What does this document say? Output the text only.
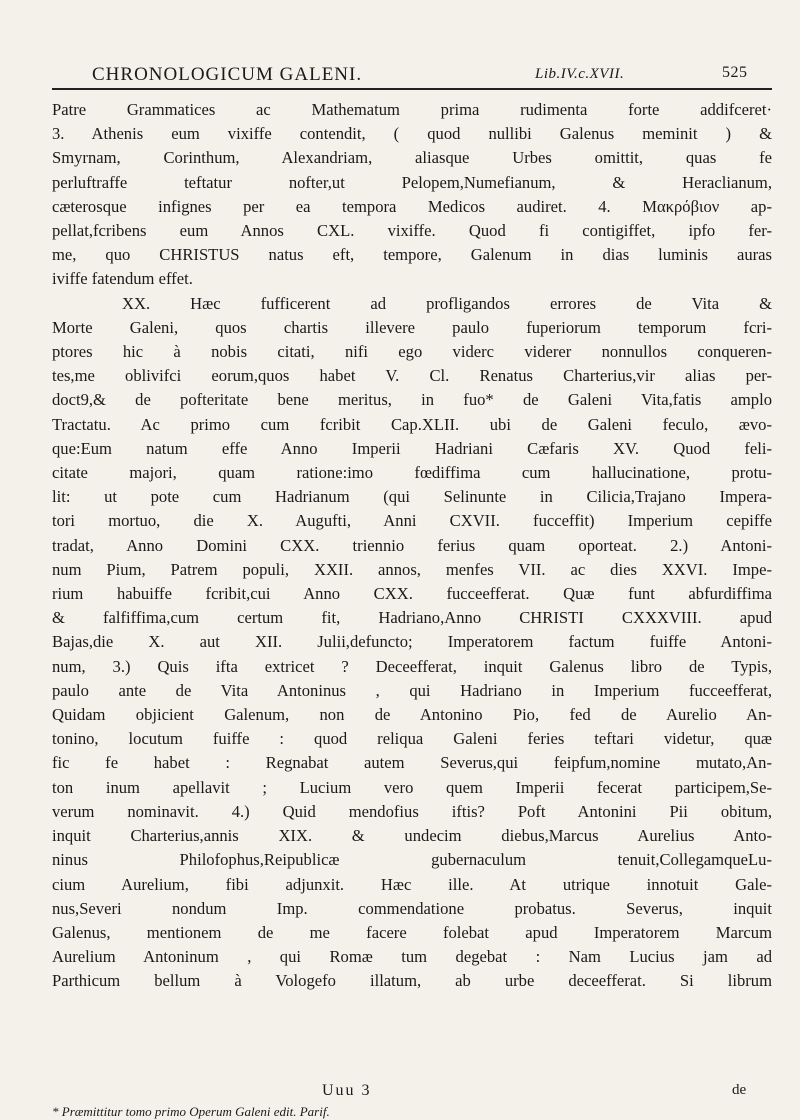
CHRONOLOGICUM GALENI.	Lib.IV.c.XVII.	525
Patre Grammatices ac Mathematum prima rudimenta forte addifceret·
3. Athenis eum vixiffe contendit, ( quod nullibi Galenus meminit ) &
Smyrnam, Corinthum, Alexandriam, aliasque Urbes omittit, quas fe
perluftraffe teftatur nofter,ut Pelopem,Numefianum, & Heraclianum,
cæterosque infignes per ea tempora Medicos audiret. 4. Μακρόβιον ap-
pellat,fcribens eum Annos CXL. vixiffe. Quod fi contigiffet, ipfo fer-
me, quo CHRISTUS natus eft, tempore, Galenum in dias luminis auras
iviffe fatendum effet.
XX. Hæc fufficerent ad profligandos errores de Vita &
Morte Galeni, quos chartis illevere paulo fuperiorum temporum fcri-
ptores hic à nobis citati, nifi ego viderc viderer nonnullos conqueren-
tes,me oblivifci eorum,quos habet V. Cl. Renatus Charterius,vir alias per-
doct9,& de pofteritate bene meritus, in fuo* de Galeni Vita,fatis amplo
Tractatu. Ac primo cum fcribit Cap.XLII. ubi de Galeni feculo, ævo-
que:Eum natum effe Anno Imperii Hadriani Cæfaris XV. Quod feli-
citate majori, quam ratione:imo fœdiffima cum hallucinatione, protu-
lit: ut pote cum Hadrianum (qui Selinunte in Cilicia,Trajano Impera-
tori mortuo, die X. Augufti, Anni CXVII. fucceffit) Imperium cepiffe
tradat, Anno Domini CXX. triennio ferius quam oporteat. 2.) Antoni-
num Pium, Patrem populi, XXII. annos, menfes VII. ac dies XXVI. Impe-
rium habuiffe fcribit,cui Anno CXX. fucceefferat. Quæ funt abfurdiffima
& falfiffima,cum certum fit, Hadriano,Anno CHRISTI CXXXVIII. apud
Bajas,die X. aut XII. Julii,defuncto; Imperatorem factum fuiffe Antoni-
num, 3.) Quis ifta extricet ? Deceefferat, inquit Galenus libro de Typis,
paulo ante de Vita Antoninus , qui Hadriano in Imperium fucceefferat,
Quidam objicient Galenum, non de Antonino Pio, fed de Aurelio An-
tonino, locutum fuiffe : quod reliqua Galeni feries teftari videtur, quæ
fic fe habet : Regnabat autem Severus,qui feipfum,nomine mutato,An-
ton inum apellavit ; Lucium vero quem Imperii fecerat participem,Se-
verum nominavit. 4.) Quid mendofius iftis? Poft Antonini Pii obitum,
inquit Charterius,annis XIX. & undecim diebus,Marcus Aurelius Anto-
ninus Philofophus,Reipublicæ gubernaculum tenuit,CollegamqueLu-
cium Aurelium, fibi adjunxit. Hæc ille. At utrique innotuit Gale-
nus,Severi nondum Imp. commendatione probatus. Severus, inquit
Galenus, mentionem de me facere folebat apud Imperatorem Marcum
Aurelium Antoninum , qui Romæ tum degebat : Nam Lucius jam ad
Parthicum bellum à Vologefo illatum, ab urbe deceefferat. Si librum
Uuu 3	de
* Præmittitur tomo primo Operum Galeni edit. Parif.
